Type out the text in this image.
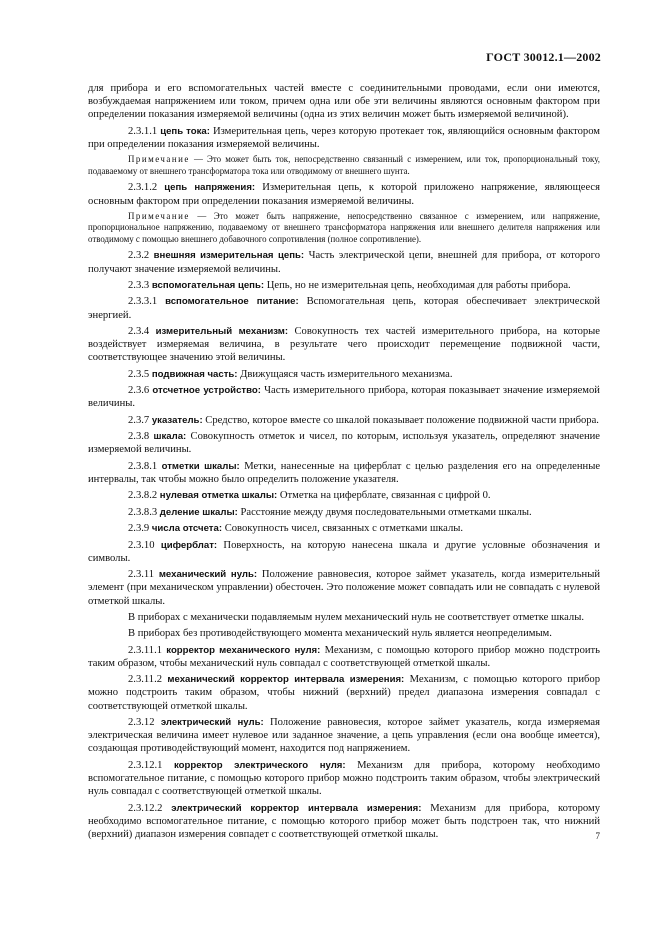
ГОСТ 30012.1—2002

для прибора и его вспомогательных частей вместе с соединительными проводами, если они имеются, возбуждаемая напряжением или током, причем одна или обе эти величины являются основным фактором при определении показания измеряемой величины (одна из этих величин может быть измеряемой величиной).

2.3.1.1 цепь тока: Измерительная цепь, через которую протекает ток, являющийся основным фактором при определении показания измеряемой величины.

Примечание — Это может быть ток, непосредственно связанный с измерением, или ток, пропорциональный току, подаваемому от внешнего трансформатора тока или отводимому от внешнего шунта.

2.3.1.2 цепь напряжения: Измерительная цепь, к которой приложено напряжение, являющееся основным фактором при определении показания измеряемой величины.

Примечание — Это может быть напряжение, непосредственно связанное с измерением, или напряжение, пропорциональное напряжению, подаваемому от внешнего трансформатора напряжения или внешнего делителя напряжения или отводимому с помощью внешнего добавочного сопротивления (полное сопротивление).

2.3.2 внешняя измерительная цепь: Часть электрической цепи, внешней для прибора, от которого получают значение измеряемой величины.

2.3.3 вспомогательная цепь: Цепь, но не измерительная цепь, необходимая для работы прибора.

2.3.3.1 вспомогательное питание: Вспомогательная цепь, которая обеспечивает электрической энергией.

2.3.4 измерительный механизм: Совокупность тех частей измерительного прибора, на которые воздействует измеряемая величина, в результате чего происходит перемещение подвижной части, соответствующее значению этой величины.

2.3.5 подвижная часть: Движущаяся часть измерительного механизма.

2.3.6 отсчетное устройство: Часть измерительного прибора, которая показывает значение измеряемой величины.

2.3.7 указатель: Средство, которое вместе со шкалой показывает положение подвижной части прибора.

2.3.8 шкала: Совокупность отметок и чисел, по которым, используя указатель, определяют значение измеряемой величины.

2.3.8.1 отметки шкалы: Метки, нанесенные на циферблат с целью разделения его на определенные интервалы, так чтобы можно было определить положение указателя.

2.3.8.2 нулевая отметка шкалы: Отметка на циферблате, связанная с цифрой 0.

2.3.8.3 деление шкалы: Расстояние между двумя последовательными отметками шкалы.

2.3.9 числа отсчета: Совокупность чисел, связанных с отметками шкалы.

2.3.10 циферблат: Поверхность, на которую нанесена шкала и другие условные обозначения и символы.

2.3.11 механический нуль: Положение равновесия, которое займет указатель, когда измерительный элемент (при механическом управлении) обесточен. Это положение может совпадать или не совпадать с нулевой отметкой шкалы.

В приборах с механически подавляемым нулем механический нуль не соответствует отметке шкалы.

В приборах без противодействующего момента механический нуль является неопределимым.

2.3.11.1 корректор механического нуля: Механизм, с помощью которого прибор можно подстроить таким образом, чтобы механический нуль совпадал с соответствующей отметкой шкалы.

2.3.11.2 механический корректор интервала измерения: Механизм, с помощью которого прибор можно подстроить таким образом, чтобы нижний (верхний) предел диапазона измерения совпадал с соответствующей отметкой шкалы.

2.3.12 электрический нуль: Положение равновесия, которое займет указатель, когда измеряемая электрическая величина имеет нулевое или заданное значение, а цепь управления (если она вообще имеется), создающая противодействующий момент, находится под напряжением.

2.3.12.1 корректор электрического нуля: Механизм для прибора, которому необходимо вспомогательное питание, с помощью которого прибор можно подстроить таким образом, чтобы электрический нуль совпадал с соответствующей отметкой шкалы.

2.3.12.2 электрический корректор интервала измерения: Механизм для прибора, которому необходимо вспомогательное питание, с помощью которого прибор может быть подстроен так, что нижний (верхний) диапазон измерения совпадет с соответствующей отметкой шкалы.	7
